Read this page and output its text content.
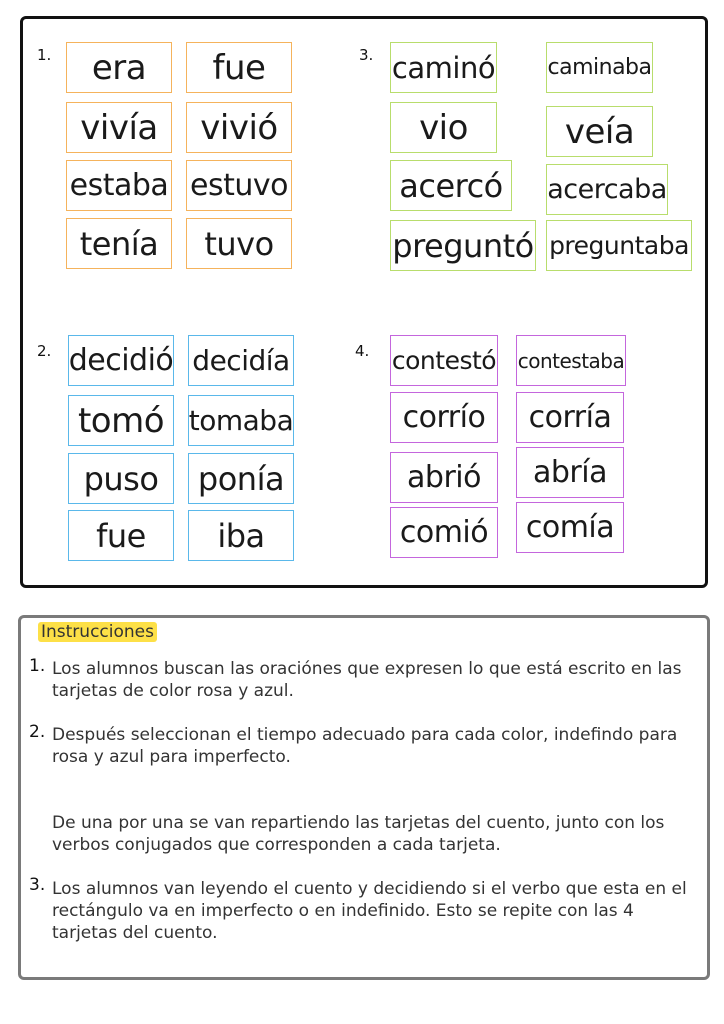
1.	3.
2.	4.
Instrucciones
1. Los alumnos buscan las oraciónes que expresen lo que está escrito en las tarjetas de color rosa y azul.
2. Después seleccionan el tiempo adecuado para cada color, indefindo para rosa y azul para imperfecto.
De una por una se van repartiendo las tarjetas del cuento, junto con los verbos conjugados que corresponden a cada tarjeta.
3. Los alumnos van leyendo el cuento y decidiendo si el verbo que esta en el rectángulo va en imperfecto o en indefinido. Esto se repite con las 4 tarjetas del cuento.
era	fue
vivía	vivió
estaba estuvo
tenía	tuvo
caminó caminaba
vio	veía
acercó	acercaba
preguntó preguntaba
decidió decidía
tomó tomaba
puso	ponía
fue	iba
contestó contestaba
corrío	corría
abrió	abría
comió	comía
